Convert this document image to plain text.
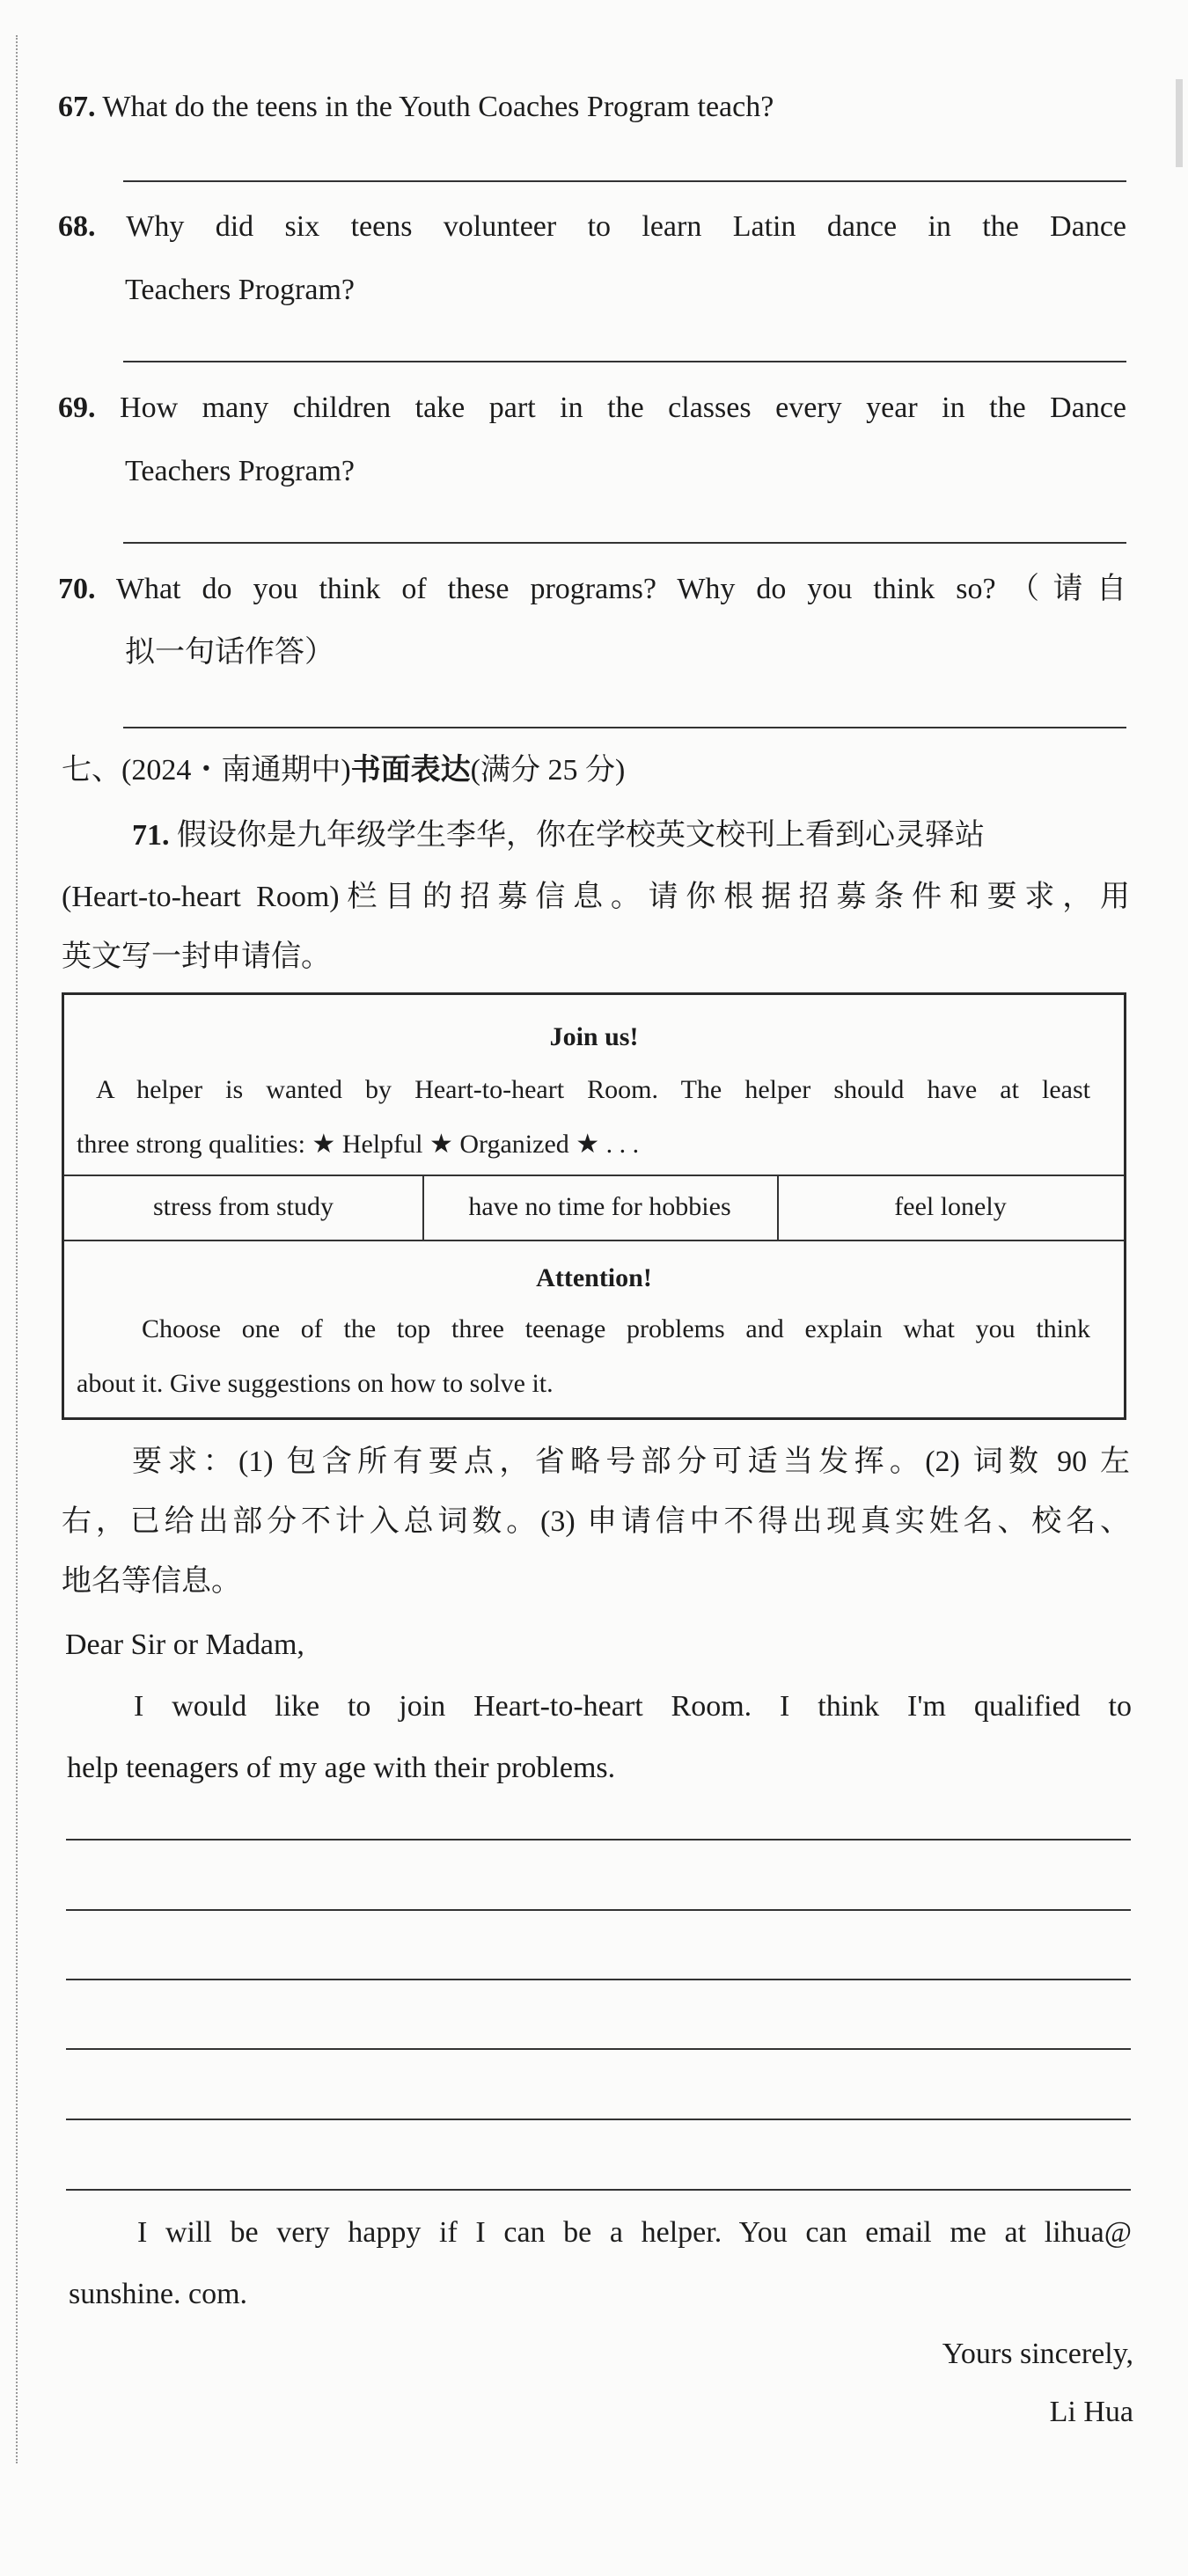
67. What do the teens in the Youth Coaches Program teach?
68. Why did six teens volunteer to learn Latin dance in the Dance
Teachers Program?
69. How many children take part in the classes every year in the Dance
Teachers Program?
70. What do you think of these programs? Why do you think so?（请自
拟一句话作答）
七、(2024・南通期中)书面表达(满分 25 分)
71. 假设你是九年级学生李华，你在学校英文校刊上看到心灵驿站
(Heart-to-heart Room)栏目的招募信息。请你根据招募条件和要求，用
英文写一封申请信。
Join us!
A helper is wanted by Heart-to-heart Room. The helper should have at least
three strong qualities: ★ Helpful ★ Organized ★ . . .
stress from study	have no time for hobbies	feel lonely
Attention!
Choose one of the top three teenage problems and explain what you think
about it. Give suggestions on how to solve it.
要求：(1) 包含所有要点，省略号部分可适当发挥。(2) 词数 90 左
右，已给出部分不计入总词数。(3) 申请信中不得出现真实姓名、校名、
地名等信息。
Dear Sir or Madam,
I would like to join Heart-to-heart Room. I think I'm qualified to
help teenagers of my age with their problems.
I will be very happy if I can be a helper. You can email me at lihua@
sunshine. com.
Yours sincerely,
Li Hua
